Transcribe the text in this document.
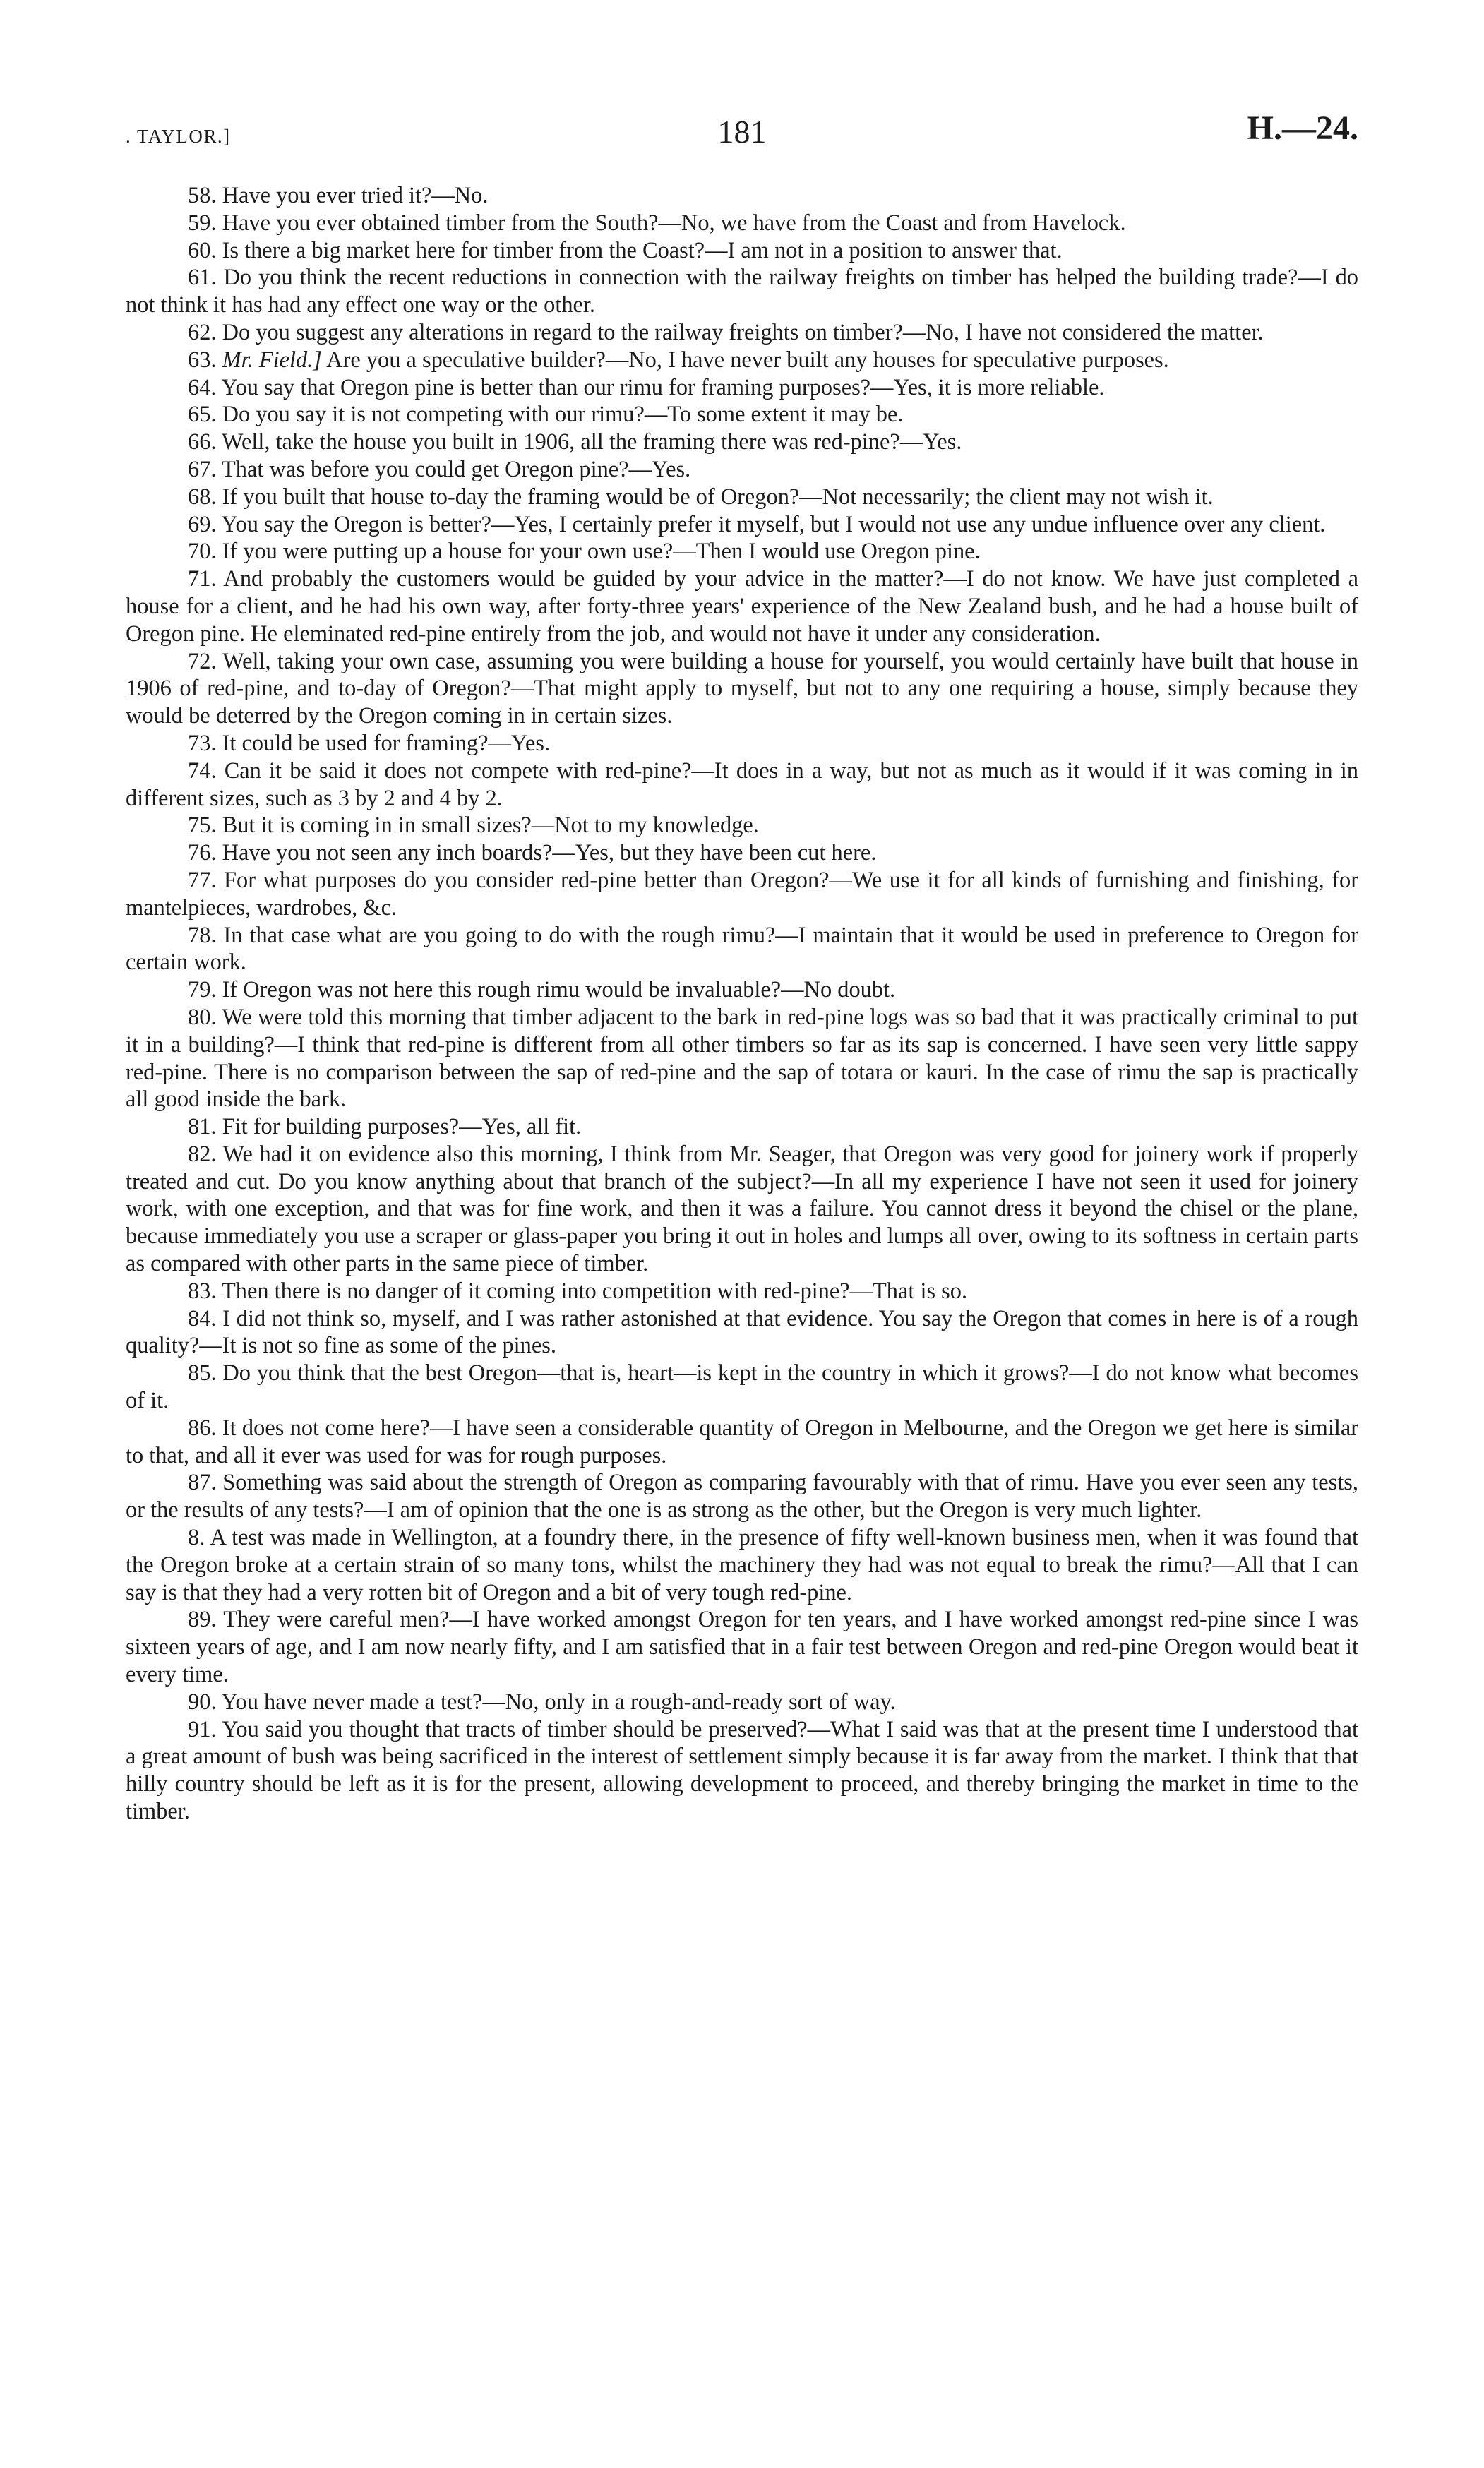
. TAYLOR.]	181	H.—24.

58. Have you ever tried it?—No.

59. Have you ever obtained timber from the South?—No, we have from the Coast and from Havelock.

60. Is there a big market here for timber from the Coast?—I am not in a position to answer that.

61. Do you think the recent reductions in connection with the railway freights on timber has helped the building trade?—I do not think it has had any effect one way or the other.

62. Do you suggest any alterations in regard to the railway freights on timber?—No, I have not considered the matter.

63. Mr. Field.] Are you a speculative builder?—No, I have never built any houses for speculative purposes.

64. You say that Oregon pine is better than our rimu for framing purposes?—Yes, it is more reliable.

65. Do you say it is not competing with our rimu?—To some extent it may be.

66. Well, take the house you built in 1906, all the framing there was red-pine?—Yes.

67. That was before you could get Oregon pine?—Yes.

68. If you built that house to-day the framing would be of Oregon?—Not necessarily; the client may not wish it.

69. You say the Oregon is better?—Yes, I certainly prefer it myself, but I would not use any undue influence over any client.

70. If you were putting up a house for your own use?—Then I would use Oregon pine.

71. And probably the customers would be guided by your advice in the matter?—I do not know. We have just completed a house for a client, and he had his own way, after forty-three years' experience of the New Zealand bush, and he had a house built of Oregon pine. He eleminated red-pine entirely from the job, and would not have it under any consideration.

72. Well, taking your own case, assuming you were building a house for yourself, you would certainly have built that house in 1906 of red-pine, and to-day of Oregon?—That might apply to myself, but not to any one requiring a house, simply because they would be deterred by the Oregon coming in in certain sizes.

73. It could be used for framing?—Yes.

74. Can it be said it does not compete with red-pine?—It does in a way, but not as much as it would if it was coming in in different sizes, such as 3 by 2 and 4 by 2.

75. But it is coming in in small sizes?—Not to my knowledge.

76. Have you not seen any inch boards?—Yes, but they have been cut here.

77. For what purposes do you consider red-pine better than Oregon?—We use it for all kinds of furnishing and finishing, for mantelpieces, wardrobes, &c.

78. In that case what are you going to do with the rough rimu?—I maintain that it would be used in preference to Oregon for certain work.

79. If Oregon was not here this rough rimu would be invaluable?—No doubt.

80. We were told this morning that timber adjacent to the bark in red-pine logs was so bad that it was practically criminal to put it in a building?—I think that red-pine is different from all other timbers so far as its sap is concerned. I have seen very little sappy red-pine. There is no comparison between the sap of red-pine and the sap of totara or kauri. In the case of rimu the sap is practically all good inside the bark.

81. Fit for building purposes?—Yes, all fit.

82. We had it on evidence also this morning, I think from Mr. Seager, that Oregon was very good for joinery work if properly treated and cut. Do you know anything about that branch of the subject?—In all my experience I have not seen it used for joinery work, with one exception, and that was for fine work, and then it was a failure. You cannot dress it beyond the chisel or the plane, because immediately you use a scraper or glass-paper you bring it out in holes and lumps all over, owing to its softness in certain parts as compared with other parts in the same piece of timber.

83. Then there is no danger of it coming into competition with red-pine?—That is so.

84. I did not think so, myself, and I was rather astonished at that evidence. You say the Oregon that comes in here is of a rough quality?—It is not so fine as some of the pines.

85. Do you think that the best Oregon—that is, heart—is kept in the country in which it grows?—I do not know what becomes of it.

86. It does not come here?—I have seen a considerable quantity of Oregon in Melbourne, and the Oregon we get here is similar to that, and all it ever was used for was for rough purposes.

87. Something was said about the strength of Oregon as comparing favourably with that of rimu. Have you ever seen any tests, or the results of any tests?—I am of opinion that the one is as strong as the other, but the Oregon is very much lighter.

8. A test was made in Wellington, at a foundry there, in the presence of fifty well-known business men, when it was found that the Oregon broke at a certain strain of so many tons, whilst the machinery they had was not equal to break the rimu?—All that I can say is that they had a very rotten bit of Oregon and a bit of very tough red-pine.

89. They were careful men?—I have worked amongst Oregon for ten years, and I have worked amongst red-pine since I was sixteen years of age, and I am now nearly fifty, and I am satisfied that in a fair test between Oregon and red-pine Oregon would beat it every time.

90. You have never made a test?—No, only in a rough-and-ready sort of way.

91. You said you thought that tracts of timber should be preserved?—What I said was that at the present time I understood that a great amount of bush was being sacrificed in the interest of settlement simply because it is far away from the market. I think that that hilly country should be left as it is for the present, allowing development to proceed, and thereby bringing the market in time to the timber.
